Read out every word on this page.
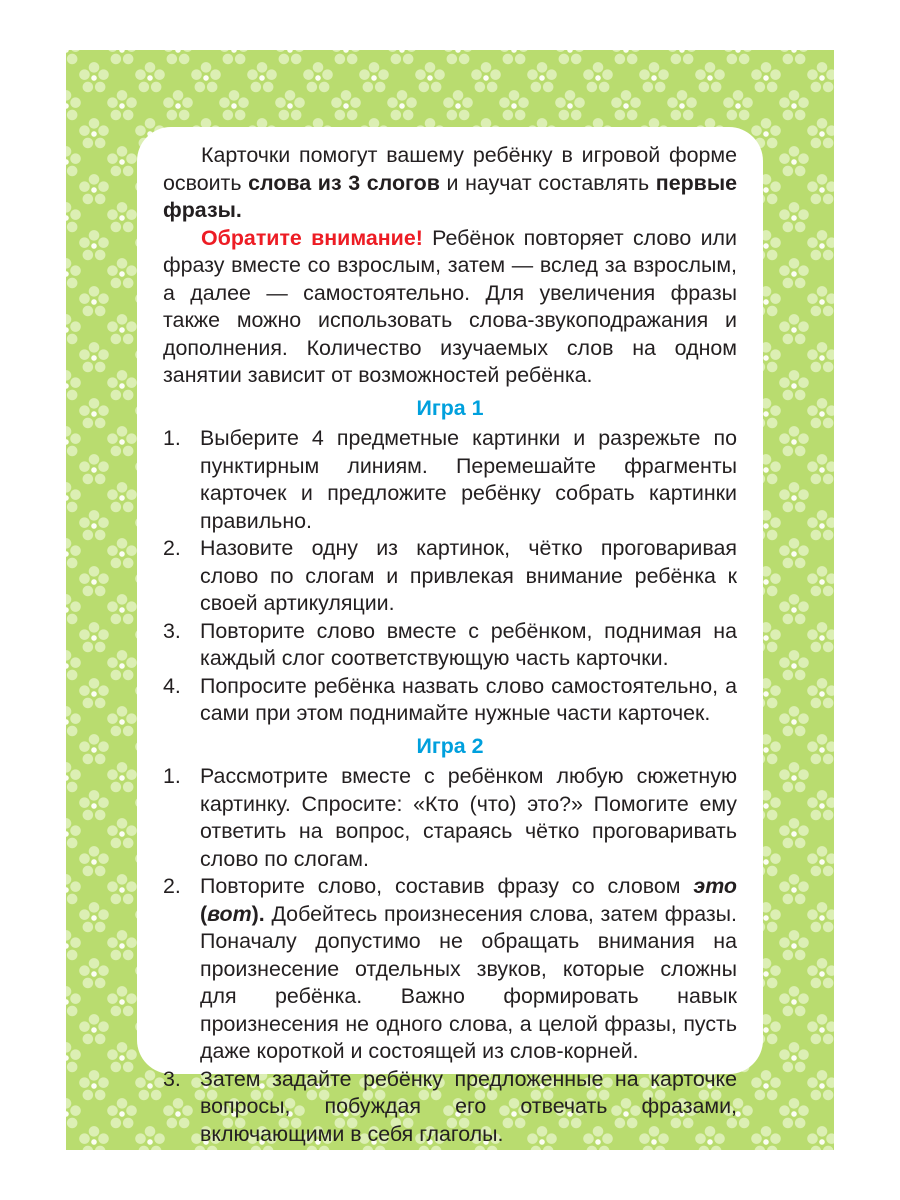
Карточки помогут вашему ребёнку в игровой форме освоить слова из 3 слогов и научат составлять первые фразы.

Обратите внимание! Ребёнок повторяет слово или фразу вместе со взрослым, затем — вслед за взрослым, а далее — самостоятельно. Для увеличения фразы также можно использовать слова-звукоподражания и дополнения. Количество изучаемых слов на одном занятии зависит от возможностей ребёнка.

Игра 1
1. Выберите 4 предметные картинки и разрежьте по пунктирным линиям. Перемешайте фрагменты карточек и предложите ребёнку собрать картинки правильно.
2. Назовите одну из картинок, чётко проговаривая слово по слогам и привлекая внимание ребёнка к своей артикуляции.
3. Повторите слово вместе с ребёнком, поднимая на каждый слог соответствующую часть карточки.
4. Попросите ребёнка назвать слово самостоятельно, а сами при этом поднимайте нужные части карточек.
Игра 2
1. Рассмотрите вместе с ребёнком любую сюжетную картинку. Спросите: «Кто (что) это?» Помогите ему ответить на вопрос, стараясь чётко проговаривать слово по слогам.
2. Повторите слово, составив фразу со словом это (вот). Добейтесь произнесения слова, затем фразы. Поначалу допустимо не обращать внимания на произнесение отдельных звуков, которые сложны для ребёнка. Важно формировать навык произнесения не одного слова, а целой фразы, пусть даже короткой и состоящей из слов-корней.
3. Затем задайте ребёнку предложенные на карточке вопросы, побуждая его отвечать фразами, включающими в себя глаголы.
